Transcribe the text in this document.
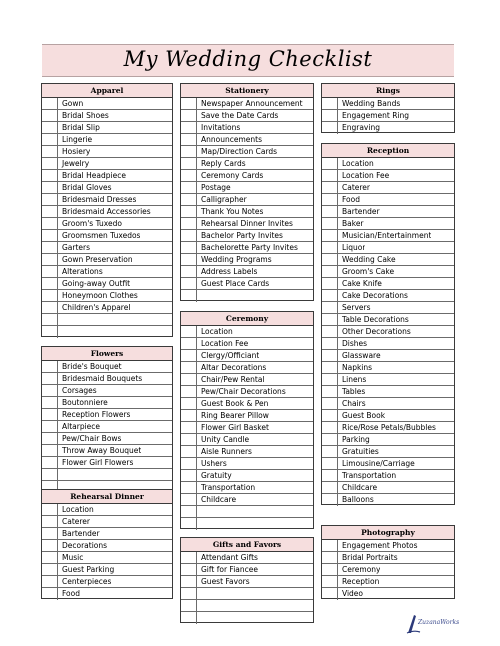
My Wedding Checklist
Apparel
Gown
Bridal Shoes
Bridal Slip
Lingerie
Hosiery
Jewelry
Bridal Headpiece
Bridal Gloves
Bridesmaid Dresses
Bridesmaid Accessories
Groom's Tuxedo
Groomsmen Tuxedos
Garters
Gown Preservation
Alterations
Going-away Outfit
Honeymoon Clothes
Children's Apparel
Flowers
Bride's Bouquet
Bridesmaid Bouquets
Corsages
Boutonniere
Reception Flowers
Altarpiece
Pew/Chair Bows
Throw Away Bouquet
Flower Girl Flowers
Rehearsal Dinner
Location
Caterer
Bartender
Decorations
Music
Guest Parking
Centerpieces
Food
Stationery
Newspaper Announcement
Save the Date Cards
Invitations
Announcements
Map/Direction Cards
Reply Cards
Ceremony Cards
Postage
Calligrapher
Thank You Notes
Rehearsal Dinner Invites
Bachelor Party Invites
Bachelorette Party Invites
Wedding Programs
Address Labels
Guest Place Cards
Ceremony
Location
Location Fee
Clergy/Officiant
Altar Decorations
Chair/Pew Rental
Pew/Chair Decorations
Guest Book & Pen
Ring Bearer Pillow
Flower Girl Basket
Unity Candle
Aisle Runners
Ushers
Gratuity
Transportation
Childcare
Gifts and Favors
Attendant Gifts
Gift for Fiancee
Guest Favors
Rings
Wedding Bands
Engagement Ring
Engraving
Reception
Location
Location Fee
Caterer
Food
Bartender
Baker
Musician/Entertainment
Liquor
Wedding Cake
Groom's Cake
Cake Knife
Cake Decorations
Servers
Table Decorations
Other Decorations
Dishes
Glassware
Napkins
Linens
Tables
Chairs
Guest Book
Rice/Rose Petals/Bubbles
Parking
Gratuities
Limousine/Carriage
Transportation
Childcare
Balloons
Photography
Engagement Photos
Bridal Portraits
Ceremony
Reception
Video
ZuzanaWorks
